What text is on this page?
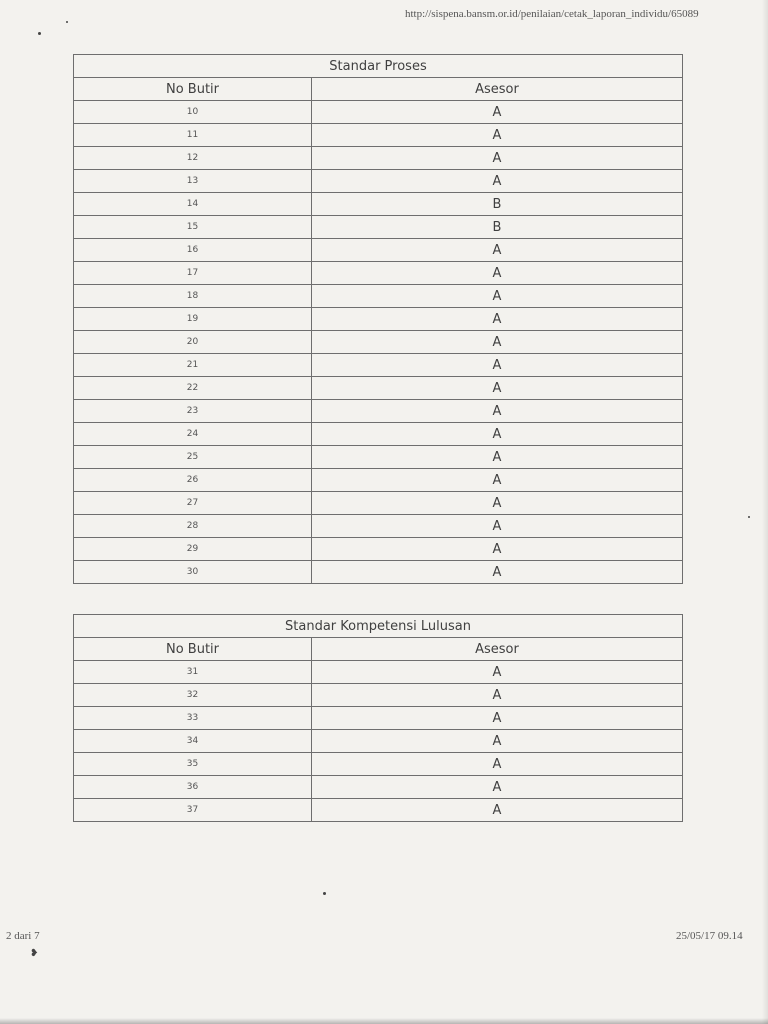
http://sispena.bansm.or.id/penilaian/cetak_laporan_individu/65089
Standar Proses	
No Butir	Asesor
10	A
11	A
12	A
13	A
14	B
15	B
16	A
17	A
18	A
19	A
20	A
21	A
22	A
23	A
24	A
25	A
26	A
27	A
28	A
29	A
30	A
Standar Kompetensi Lulusan	
No Butir	Asesor
31	A
32	A
33	A
34	A
35	A
36	A
37	A
2 dari 7	25/05/17 09.14
❥
